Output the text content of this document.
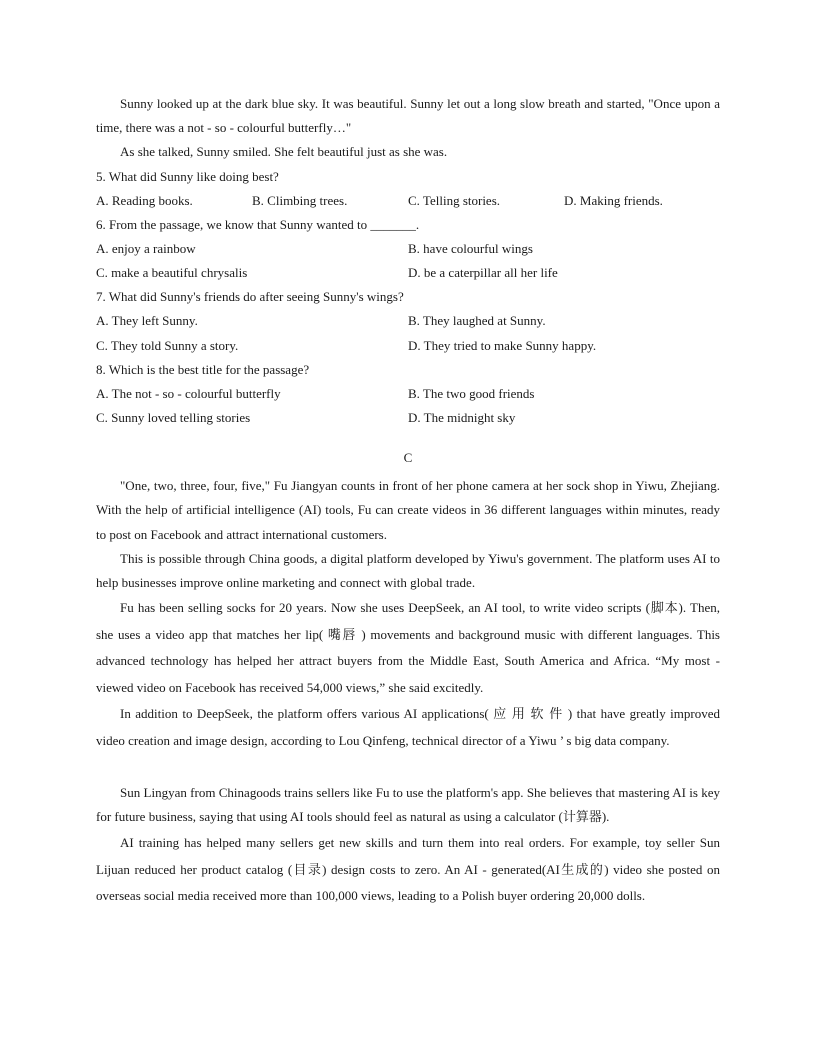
Sunny looked up at the dark blue sky. It was beautiful. Sunny let out a long slow breath and started, "Once upon a time, there was a not - so - colourful butterfly…"
As she talked, Sunny smiled. She felt beautiful just as she was.
5. What did Sunny like doing best?
A. Reading books.	B. Climbing trees.	C. Telling stories.	D. Making friends.
6. From the passage, we know that Sunny wanted to _______.
A. enjoy a rainbow	B. have colourful wings
C. make a beautiful chrysalis	D. be a caterpillar all her life
7. What did Sunny's friends do after seeing Sunny's wings?
A. They left Sunny.	B. They laughed at Sunny.
C. They told Sunny a story.	D. They tried to make Sunny happy.
8. Which is the best title for the passage?
A. The not - so - colourful butterfly	B. The two good friends
C. Sunny loved telling stories	D. The midnight sky
C
"One, two, three, four, five," Fu Jiangyan counts in front of her phone camera at her sock shop in Yiwu, Zhejiang. With the help of artificial intelligence (AI) tools, Fu can create videos in 36 different languages within minutes, ready to post on Facebook and attract international customers.
This is possible through China goods, a digital platform developed by Yiwu's government. The platform uses AI to help businesses improve online marketing and connect with global trade.
Fu has been selling socks for 20 years. Now she uses DeepSeek, an AI tool, to write video scripts (脚本). Then, she uses a video app that matches her lip( 嘴唇 ) movements and background music with different languages. This advanced technology has helped her attract buyers from the Middle East, South America and Africa. “My most - viewed video on Facebook has received 54,000 views,” she said excitedly.
In addition to DeepSeek, the platform offers various AI applications( 应 用 软 件 ) that have greatly improved video creation and image design, according to Lou Qinfeng, technical director of a Yiwu ’ s big data company.
Sun Lingyan from Chinagoods trains sellers like Fu to use the platform's app. She believes that mastering AI is key for future business, saying that using AI tools should feel as natural as using a calculator (计算器).
AI training has helped many sellers get new skills and turn them into real orders. For example, toy seller Sun Lijuan reduced her product catalog (目录) design costs to zero. An AI - generated(AI生成的) video she posted on overseas social media received more than 100,000 views, leading to a Polish buyer ordering 20,000 dolls.
